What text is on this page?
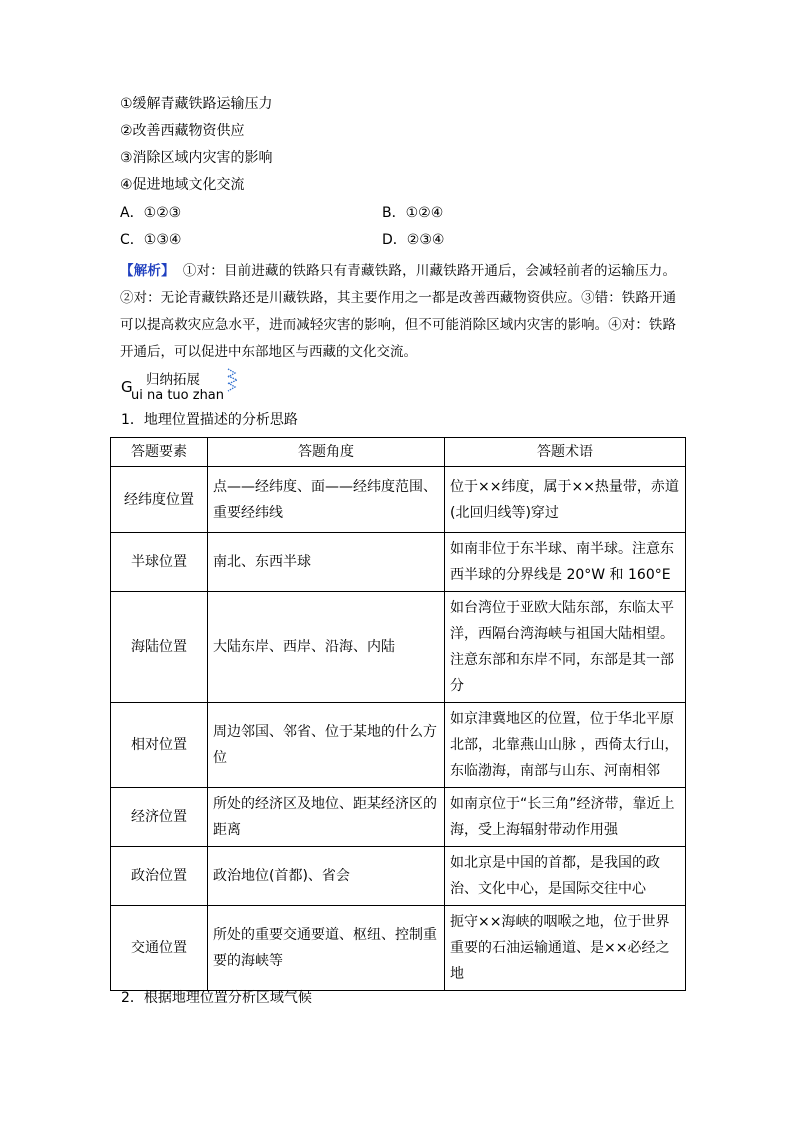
①缓解青藏铁路运输压力
②改善西藏物资供应
③消除区域内灾害的影响
④促进地域文化交流
A．①②③	B．①②④
C．①③④	D．②③④
【解析】 ①对：目前进藏的铁路只有青藏铁路，川藏铁路开通后，会减轻前者的运输压力。②对：无论青藏铁路还是川藏铁路，其主要作用之一都是改善西藏物资供应。③错：铁路开通可以提高救灾应急水平，进而减轻灾害的影响，但不可能消除区域内灾害的影响。④对：铁路开通后，可以促进中东部地区与西藏的文化交流。
G 归纳拓展
ui na tuo zhan
1．地理位置描述的分析思路
答题要素	答题角度	答题术语
经纬度位置	点——经纬度、面——经纬度范围、重要经纬线	位于××纬度，属于××热量带，赤道(北回归线等)穿过
半球位置	南北、东西半球	如南非位于东半球、南半球。注意东西半球的分界线是 20°W 和 160°E
海陆位置	大陆东岸、西岸、沿海、内陆	如台湾位于亚欧大陆东部，东临太平洋，西隔台湾海峡与祖国大陆相望。注意东部和东岸不同，东部是其一部分
相对位置	周边邻国、邻省、位于某地的什么方位	如京津冀地区的位置，位于华北平原北部，北靠燕山山脉 ，西倚太行山，东临渤海，南部与山东、河南相邻
经济位置	所处的经济区及地位、距某经济区的距离	如南京位于“长三角”经济带，靠近上海，受上海辐射带动作用强
政治位置	政治地位(首都)、省会	如北京是中国的首都，是我国的政治、文化中心，是国际交往中心
交通位置	所处的重要交通要道、枢纽、控制重要的海峡等	扼守××海峡的咽喉之地，位于世界重要的石油运输通道、是××必经之地
2．根据地理位置分析区域气候
